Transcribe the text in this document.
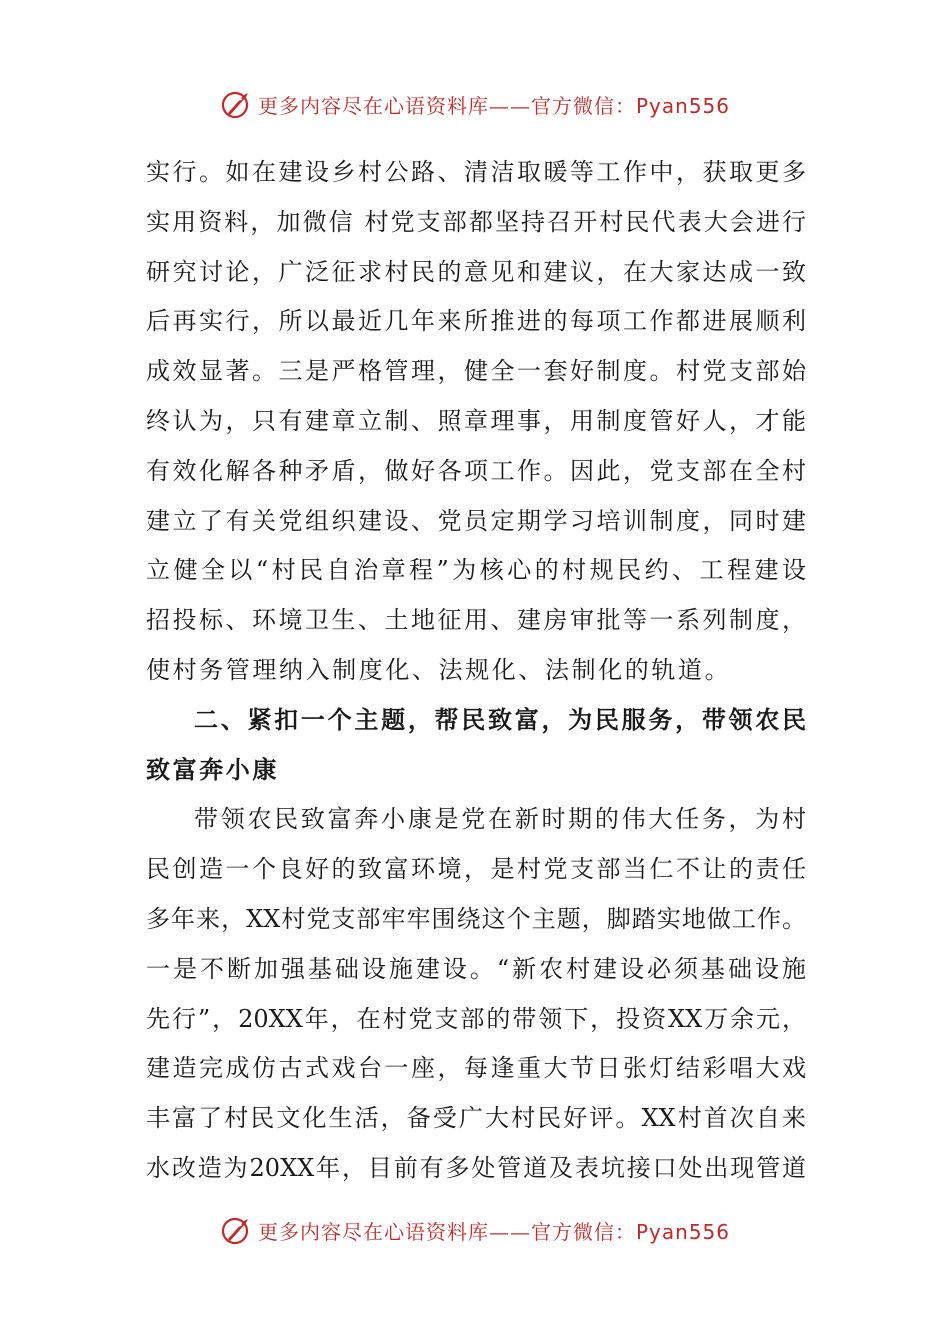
更多内容尽在心语资料库——官方微信：Pyan556
实行。如在建设乡村公路、清洁取暖等工作中，获取更多
实用资料，加微信 村党支部都坚持召开村民代表大会进行
研究讨论，广泛征求村民的意见和建议，在大家达成一致
后再实行，所以最近几年来所推进的每项工作都进展顺利
成效显著。三是严格管理，健全一套好制度。村党支部始
终认为，只有建章立制、照章理事，用制度管好人，才能
有效化解各种矛盾，做好各项工作。因此，党支部在全村
建立了有关党组织建设、党员定期学习培训制度，同时建
立健全以“村民自治章程”为核心的村规民约、工程建设
招投标、环境卫生、土地征用、建房审批等一系列制度，
使村务管理纳入制度化、法规化、法制化的轨道。
二、紧扣一个主题，帮民致富，为民服务，带领农民
致富奔小康
带领农民致富奔小康是党在新时期的伟大任务，为村
民创造一个良好的致富环境，是村党支部当仁不让的责任
多年来，XX村党支部牢牢围绕这个主题，脚踏实地做工作。
一是不断加强基础设施建设。“新农村建设必须基础设施
先行”，20XX年，在村党支部的带领下，投资XX万余元，
建造完成仿古式戏台一座，每逢重大节日张灯结彩唱大戏
丰富了村民文化生活，备受广大村民好评。XX村首次自来
水改造为20XX年，目前有多处管道及表坑接口处出现管道
更多内容尽在心语资料库——官方微信：Pyan556
